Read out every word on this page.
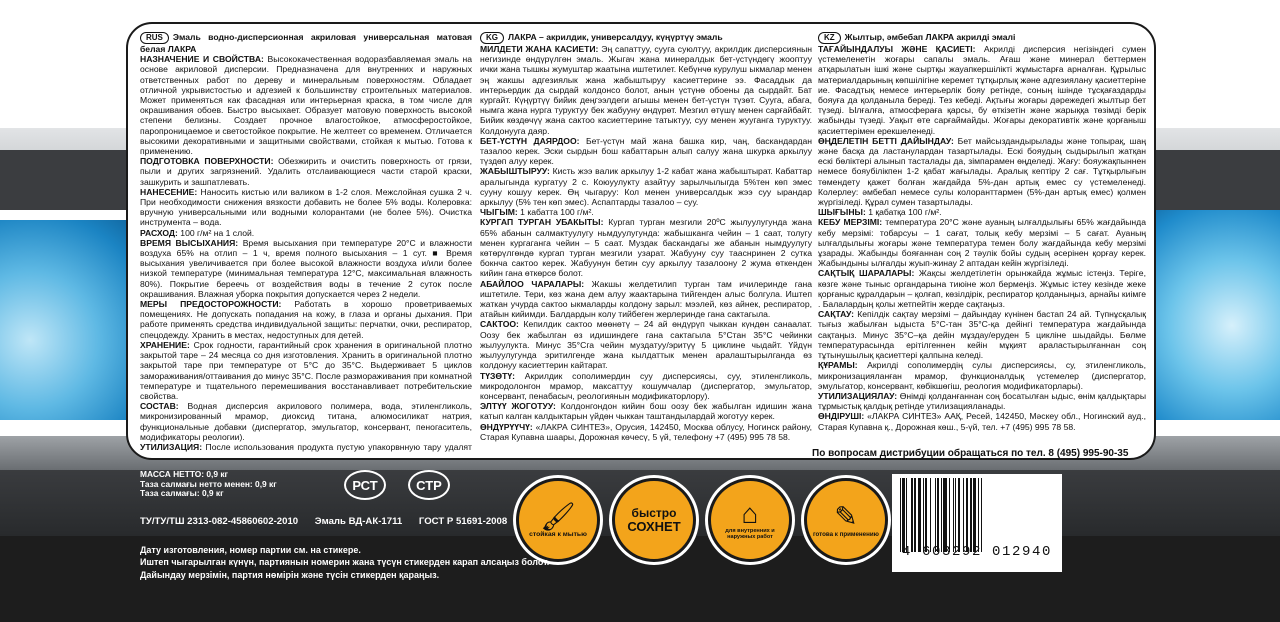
RUS Эмаль водно-дисперсионная акриловая универсальная матовая белая ЛАКРА

НАЗНАЧЕНИЕ И СВОЙСТВА: Высококачественная водоразбавляемая эмаль на основе акриловой дисперсии. Предназначена для внутренних и наружных ответственных работ по дереву и минеральным поверхностям. Обладает отличной укрывистостью и адгезией к большинству строительных материалов. Может применяться как фасадная или интерьерная краска, в том числе для окрашивания обоев. Быстро высыхает. Образует матовую поверхность высокой степени белизны. Создает прочное влагостойкое, атмосферостойкое, паропроницаемое и светостойкое покрытие. Не желтеет со временем. Отличается высокими декоративными и защитными свойствами, стойкая к мытью. Готова к применению.

ПОДГОТОВКА ПОВЕРХНОСТИ: Обезжирить и очистить поверхность от грязи, пыли и других загрязнений. Удалить отслаивающиеся части старой краски, зашкурить и зашпатлевать.

НАНЕСЕНИЕ: Наносить кистью или валиком в 1-2 слоя. Межслойная сушка 2 ч. При необходимости снижения вязкости добавить не более 5% воды. Колеровка: вручную универсальными или водными колорантами (не более 5%). Очистка инструмента – вода.

РАСХОД: 100 г/м² на 1 слой.

ВРЕМЯ ВЫСЫХАНИЯ: Время высыхания при температуре 20°С и влажности воздуха 65% на отлип – 1 ч, время полного высыхания – 1 сут. ■ Время высыхания увеличивается при более высокой влажности воздуха и/или более низкой температуре (минимальная температура 12°С, максимальная влажность 80%). Покрытие береечь от воздействия воды в течение 2 суток после окрашивания. Влажная уборка покрытия допускается через 2 недели.

МЕРЫ ПРЕДОСТОРОЖНОСТИ: Работать в хорошо проветриваемых помещениях. Не допускать попадания на кожу, в глаза и органы дыхания. При работе применять средства индивидуальной защиты: перчатки, очки, респиратор, спецодежду. Хранить в местах, недоступных для детей.

ХРАНЕНИЕ: Срок годности, гарантийный срок хранения в оригинальной плотно закрытой таре – 24 месяца со дня изготовления. Хранить в оригинальной плотно закрытой таре при температуре от 5°С до 35°С. Выдерживает 5 циклов замораживания/оттаивания до минус 35°С. После размораживания при комнатной температуре и тщательного перемешивания восстанавливает потребительские свойства.

СОСТАВ: Водная дисперсия акрилового полимера, вода, этиленгликоль, микронизированный мрамор, диоксид титана, алюмосиликат натрия, функциональные добавки (диспергатор, эмульгатор, консервант, пеногаситель, модификаторы реологии).

УТИЛИЗАЦИЯ: После использования продукта пустую упакорвнную тару удалят

KG ЛАКРА – акрилдик, универсалдуу, күңүртүү эмаль

МИЛДЕТИ ЖАНА КАСИЕТИ: Эң сапаттуу, сууга суюлтуу, акрилдик дисперсиянын негизинде өндүрүлгөн эмаль. Жыгач жана минералдык бет-үстүндөгү жооптуу ички жана тышкы жумуштар жаатына иштетилет. Кебүнчө курулуш ыкмалар менен эң жакшы адгезиялык жана жабыштыруу касиеттерине ээ. Фасаддык да интерьердик да сырдай колдонсо болот, анын үстүнө обоены да сырдайт. Бат кургайт. Күңүртүү бийик деңгээлдеги агышы менен бет-үстүн түзөт. Сууга, абага, нымга жана нурга туруктуу бек жабууну өндүрөт. Мезгил өтүшү менен сарғайбайт. Бийик көздөчүү жана сактоо касиеттерине татыктуу, суу менен жууганга туруктуу. Колдонууга даяр.

БЕТ-ҮСТҮН ДАЯРДОО: Бет-үстүн май жана башка кир, чаң, баскандардан тазалоо керек. Эски сырдын бош кабаттарын алып салуу жана шкурка аркылуу түздөп алуу керек.

ЖАБЫШТЫРУУ: Кисть жээ валик аркылуу 1-2 кабат жана жабыштырат. Кабаттар аралыгында кургатуу 2 с. Коюуулукту азайтуу зарылчылыгда 5%тен көп эмес сууну кошуу керек. Өң чыгаруу: Кол менен универсалдык жээ суу ырандар аркылуу (5% тен көп эмес). Аспаптарды тазалоо – суу.

ЧЫГЫМ: 1 кабатта 100 г/м².

КУРГАП ТУРГАН УБАКЫТЫ: Кургап турган мезгили 20ºС жылуулугунда жана 65% абанын салмактуулугу ньмдуулугунда: жабышканга чейин – 1 саат, толугу менен кургаганга чейин – 5 саат. Муздак баскандагы же абанын нымдуулугу көтөрүлгөндө кургап турган мезгили узарат. Жабууну суу тааснринен 2 сутка бокнча сактоо керек. Жабуунун бетин суу аркылуу тазалоону 2 жума өткенден кийин гана өткөрсө болот.

АБАЙЛОО ЧАРАЛАРЫ: Жакшы желдетилип турган там ичилеринде гана иштетиле. Тери, көз жана дем алуу жаактарына тийгенден алыс болгула. Иштеп жаткан учурда сактоо ыкмаларды колдону зарыл: мээлей, көз айнек, респиратор, атайын кийимди. Балдардын колу тийбеген жерлеринде гана сактагыла.

САКТОО: Кепилдик сактоо мөөнөтү – 24 ай өндүрүп чыккан күндөн санаалат. Оозу бек жабылган өз идишиндеге гана сактагыла 5°Стан 35°С чейинки жылуулукта. Минус 35°Сга чейин муздатуу/эритүү 5 циклине чыдайт. Үйдүн жылуулугунда эритилгенде жана кылдаттык менен аралаштырылганда өз колдонуу касиеттерин кайтарат.

ТҮЗӨТҮ: Акрилдик сополимердин суу дисперсиясы, суу, этиленгликоль, микродолонгон мрамор, максаттуу кошумчалар (диспергатор, эмульгатор, консервант, пенабасыч, реологиянын модификаторлору).

ЭЛТҮҮ ЖОГОТУУ: Колдонгондон кийин бош оозу бек жабылган идишин жана катып калган калдыктарын үйдөн чыккан таштандылардай жоготуу керек.

ӨНДҮРҮҮЧҮ: «ЛАКРА СИНТЕЗ», Орусия, 142450, Москва облусу, Ногинск району, Старая Купавна шаары, Дорожная көчесү, 5 үй, телефону +7 (495) 995 78 58.

KZ Жылтыр, әмбебап ЛАКРА акрилді эмалі

ТАҒАЙЫНДАЛУЫ ЖӘНЕ ҚАСИЕТІ: Акрилді дисперсия негізіндегі сумен үстемеленетін жоғары сапалы эмаль. Ағаш және минерал беттермен атқарылатын ішкі және сыртқы жауапкершілікті жұмыстарға арналған. Құрылыс материалдарының көпшілігіне керемет тұтқырлық және адгезиялану қасиеттеріне ие. Фасадтық немесе интерьерлік бояу ретінде, соның ішінде тұсқағаздарды бояуға да қолданыла береді. Тез кебеді. Ақтығы жоғары дәрежедегі жылтыр бет түзеді. Ылғалға, атмосфераға қарсы, бу өткізетін және жарыққа төзімді берік жабынды түзеді. Уақыт өте сарғаймайды. Жоғары декоративтік және қорғаныш қасиеттерімен ерекшеленеді.

ӨҢДЕЛЕТІН БЕТТІ ДАЙЫНДАУ: Бет майсыздандырылады және топырақ, шаң және басқа да ластанулардан тазартылады. Ескі бояудың сыдырылып жатқан ескі бөліктері алынып тасталады да, зімпарамен өңделеді. Жағу: бояужақпыннен немесе бояубілікпен 1-2 қабат жағылады. Аралық кептіру 2 сағ. Тұтқырлығын төмендету қажет болған жағдайда 5%-дан артық емес су үстемеленеді. Колерлеу: әмбебап немесе сулы колоранттармен (5%-дан артық емес) қолмен жүргізіледі. Құрал сумен тазартылады.

ШЫҒЫНЫ: 1 қабатқа 100 г/м².

КЕБУ МЕРЗІМІ: температура 20°С және ауаның ылғалдылығы 65% жағдайында кебу мерзімі: тобарсуы – 1 сағат, толық кебу мерзімі – 5 сағат. Ауаның ылғалдылығы жоғары және температура темен болу жағдайында кебу мерзімі ұзарады. Жабынды бояғаннан соң 2 тәулік бойы судың әсерінен қорғау керек. Жабындыны ылғалды жуып-жинау 2 аптадан кейін жүргізіледі.

САҚТЫҚ ШАРАЛАРЫ: Жақсы желдетілетін орынжайда жұмыс істеңіз. Терігe, көзге және тыныс органдарына тиюіне жол бермеңіз. Жұмыс істеу кезінде жеке қорғаныс құралдарын – қолғап, көзілдірік, респиратор қолданыңыз, арнайы киімге . Балалардың қолы жетпейтін жерде сақтаңыз.

САҚТАУ: Кепілдік сақтау мерзімі – дайындау күнінен бастап 24 ай. Түпнұсқалық тығыз жабылған ыдыста 5°С-тан 35°С-қа дейінгі температура жағдайында сақтаңыз. Минус 35°С–қа дейін мұздау/еруден 5 цикліне шыдайды. Бөлме температурасында ерітілгеннен кейін мұқият араластырылғаннан соң тұтынушылық қасиеттері қалпына келеді.

ҚҰРАМЫ: Акрилді сополимердің сулы дисперсиясы, су, этиленгликоль, микронизацияланған мрамор, функционалдық үстемелер (диспергатор, эмульгатор, консервант, көбікшөгіш, реология модификаторлары).

УТИЛИЗАЦИЯЛАУ: Өнімді қолданғаннан соң босатылған ыдыс, өнім қалдықтары тұрмыстық қалдық ретінде утилизацияланады.

ӨНДІРУШІ: «ЛАКРА СИНТЕЗ» ААҚ, Ресей, 142450, Мәскеу обл., Ногинский ауд., Старая Купавна қ., Дорожная көш., 5-үй, тел. +7 (495) 995 78 58.

По вопросам дистрибуции обращаться по тел. 8 (495) 995-90-35
МАССА НЕТТО: 0,9 кг
Таза салмағы нетто менен: 0,9 кг
Таза салмағы: 0,9 кг
РСТ	СТР
ТУ/ТУ/ТШ 2313-082-45860602-2010 Эмаль ВД-АК-1711 ГОСТ Р 51691-2008	🖌
стойкая к мытью
быстро
СОХНЕТ	⌂
для внутренних и наружных работ
✎
готова к применению
4 603292 012940
Дату изготовления, номер партии см. на стикере.
Иштеп чыгарылган күнүн, партиянын номерин жана түсүн стикерден карап алсаңыз болот.
Дайындау мерзімін, партия нөмірін және түсін стикерден қараңыз.
